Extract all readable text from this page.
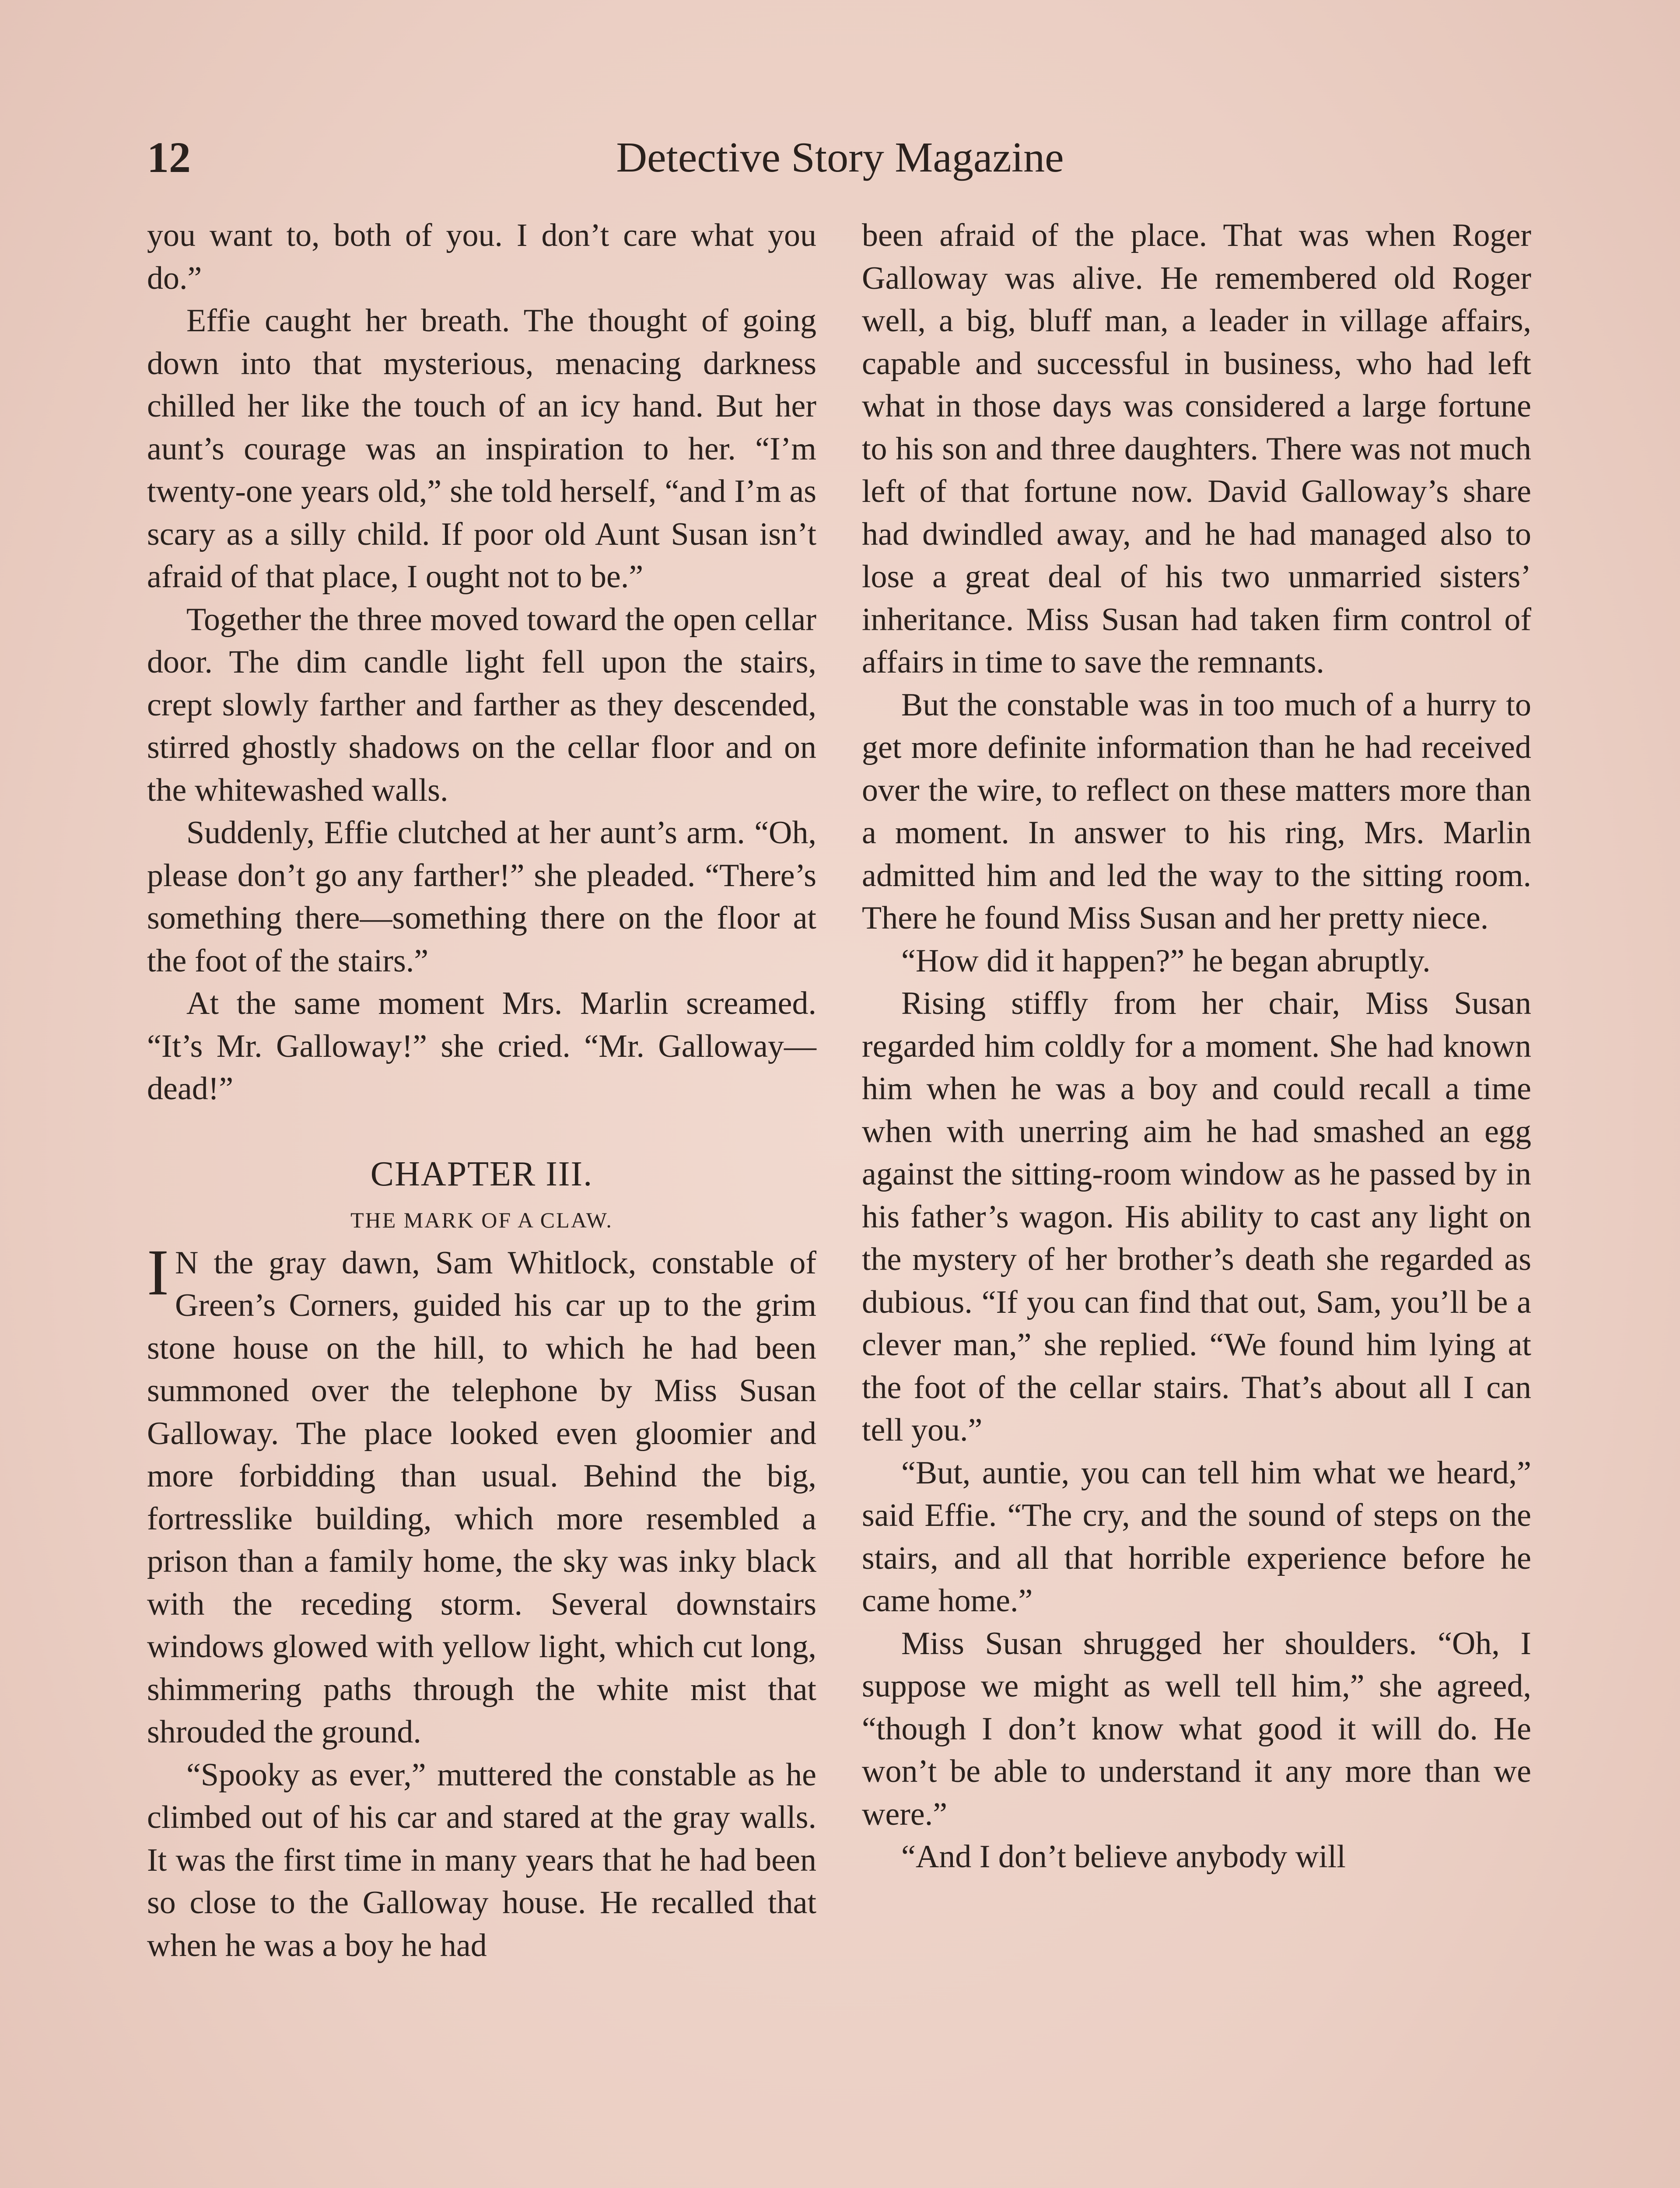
12	Detective Story Magazine

you want to, both of you. I don’t care what you do.”

Effie caught her breath. The thought of going down into that mysterious, menacing darkness chilled her like the touch of an icy hand. But her aunt’s courage was an inspiration to her. “I’m twenty-one years old,” she told herself, “and I’m as scary as a silly child. If poor old Aunt Susan isn’t afraid of that place, I ought not to be.”

Together the three moved toward the open cellar door. The dim candle light fell upon the stairs, crept slowly farther and farther as they descended, stirred ghostly shadows on the cellar floor and on the whitewashed walls.

Suddenly, Effie clutched at her aunt’s arm. “Oh, please don’t go any farther!” she pleaded. “There’s something there—something there on the floor at the foot of the stairs.”

At the same moment Mrs. Marlin screamed. “It’s Mr. Galloway!” she cried. “Mr. Galloway—dead!”

CHAPTER III.
THE MARK OF A CLAW.

I N the gray dawn, Sam Whitlock, constable of Green’s Corners, guided his car up to the grim stone house on the hill, to which he had been summoned over the telephone by Miss Susan Galloway. The place looked even gloomier and more forbidding than usual. Behind the big, fortresslike building, which more resembled a prison than a family home, the sky was inky black with the receding storm. Several downstairs windows glowed with yellow light, which cut long, shimmering paths through the white mist that shrouded the ground.

“Spooky as ever,” muttered the constable as he climbed out of his car and stared at the gray walls. It was the first time in many years that he had been so close to the Galloway house. He recalled that when he was a boy he had

been afraid of the place. That was when Roger Galloway was alive. He remembered old Roger well, a big, bluff man, a leader in village affairs, capable and successful in business, who had left what in those days was considered a large fortune to his son and three daughters. There was not much left of that fortune now. David Galloway’s share had dwindled away, and he had managed also to lose a great deal of his two unmarried sisters’ inheritance. Miss Susan had taken firm control of affairs in time to save the remnants.

But the constable was in too much of a hurry to get more definite information than he had received over the wire, to reflect on these matters more than a moment. In answer to his ring, Mrs. Marlin admitted him and led the way to the sitting room. There he found Miss Susan and her pretty niece.

“How did it happen?” he began abruptly.

Rising stiffly from her chair, Miss Susan regarded him coldly for a moment. She had known him when he was a boy and could recall a time when with unerring aim he had smashed an egg against the sitting-room window as he passed by in his father’s wagon. His ability to cast any light on the mystery of her brother’s death she regarded as dubious. “If you can find that out, Sam, you’ll be a clever man,” she replied. “We found him lying at the foot of the cellar stairs. That’s about all I can tell you.”

“But, auntie, you can tell him what we heard,” said Effie. “The cry, and the sound of steps on the stairs, and all that horrible experience before he came home.”

Miss Susan shrugged her shoulders. “Oh, I suppose we might as well tell him,” she agreed, “though I don’t know what good it will do. He won’t be able to understand it any more than we were.”

“And I don’t believe anybody will
